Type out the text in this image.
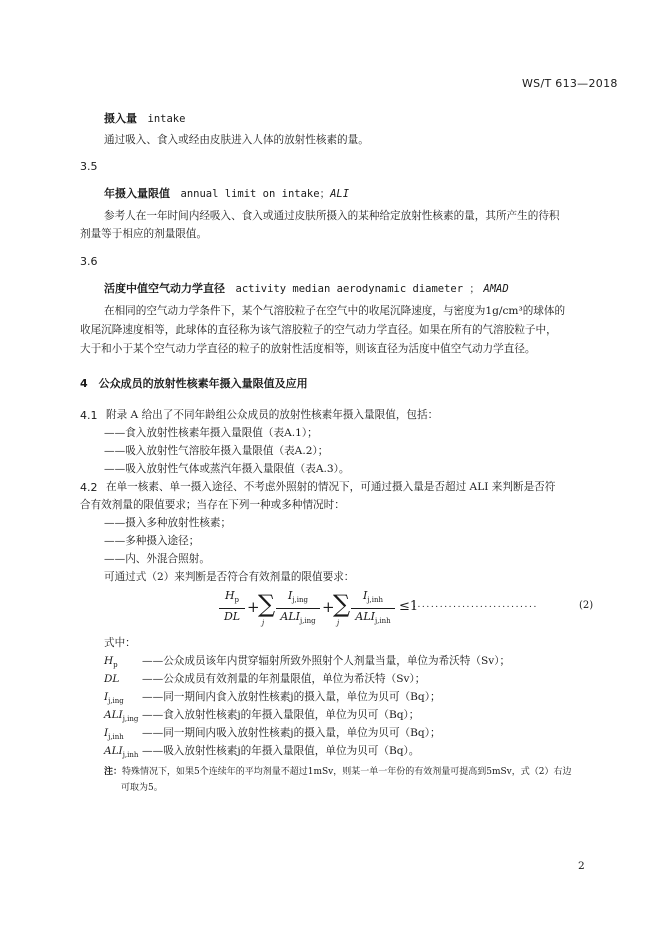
WS/T 613—2018
摄入量 intake
通过吸入、食入或经由皮肤进入人体的放射性核素的量。
3.5
年摄入量限值 annual limit on intake；ALI
参考人在一年时间内经吸入、食入或通过皮肤所摄入的某种给定放射性核素的量，其所产生的待积
剂量等于相应的剂量限值。
3.6
活度中值空气动力学直径 activity median aerodynamic diameter ； AMAD
在相同的空气动力学条件下，某个气溶胶粒子在空气中的收尾沉降速度，与密度为1g/cm³的球体的
收尾沉降速度相等，此球体的直径称为该气溶胶粒子的空气动力学直径。如果在所有的气溶胶粒子中，
大于和小于某个空气动力学直径的粒子的放射性活度相等，则该直径为活度中值空气动力学直径。
4　公众成员的放射性核素年摄入量限值及应用
4.1 附录 A 给出了不同年龄组公众成员的放射性核素年摄入量限值，包括：
——食入放射性核素年摄入量限值（表A.1）；
——吸入放射性气溶胶年摄入量限值（表A.2）；
——吸入放射性气体或蒸汽年摄入量限值（表A.3）。
4.2 在单一核素、单一摄入途径、不考虑外照射的情况下，可通过摄入量是否超过 ALI 来判断是否符
合有效剂量的限值要求；当存在下列一种或多种情况时：
——摄入多种放射性核素；
——多种摄入途径；
——内、外混合照射。
可通过式（2）来判断是否符合有效剂量的限值要求：
$H_p$
DL
+
∑
j
$I_{j,ing}$
$ALI_{j,ing}$
+
∑
j
$I_{j,inh}$
$ALI_{j,inh}$
≤1
............................	(2)
式中：
$H_p$ ——公众成员该年内贯穿辐射所致外照射个人剂量当量，单位为希沃特（Sv）；
DL ——公众成员有效剂量的年剂量限值，单位为希沃特（Sv）；
$I_{j,ing}$ ——同一期间内食入放射性核素j的摄入量，单位为贝可（Bq）；
$ALI_{j,ing}$ ——食入放射性核素j的年摄入量限值，单位为贝可（Bq）；
$I_{j,inh}$ ——同一期间内吸入放射性核素j的摄入量，单位为贝可（Bq）；
$ALI_{j,inh}$ ——吸入放射性核素j的年摄入量限值，单位为贝可（Bq）。
注：特殊情况下，如果5个连续年的平均剂量不超过1mSv，则某一单一年份的有效剂量可提高到5mSv，式（2）右边
可取为5。
2
